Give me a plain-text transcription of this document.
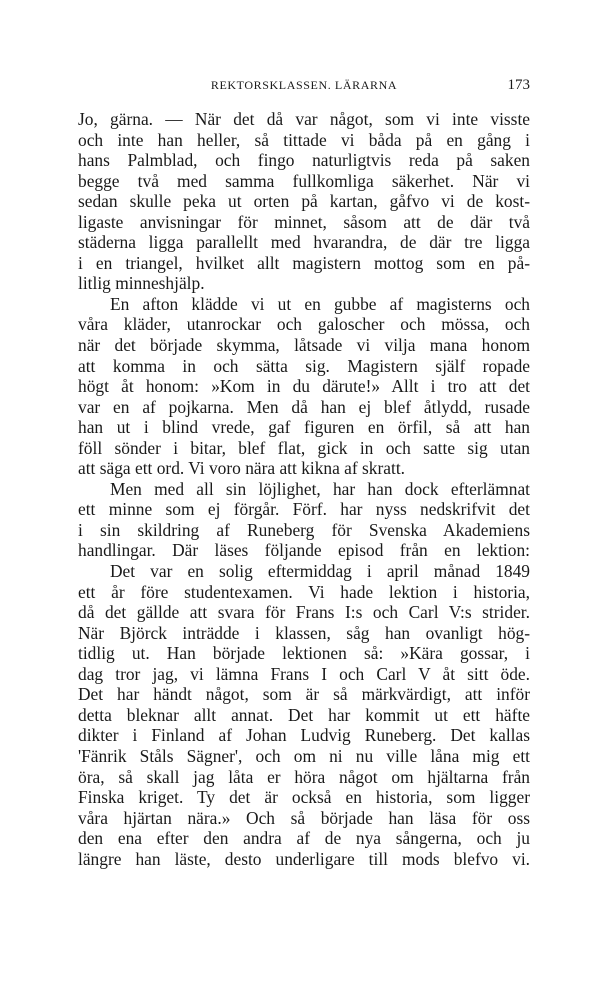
REKTORSKLASSEN. LÄRARNA	173
Jo, gärna. — När det då var något, som vi inte visste
och inte han heller, så tittade vi båda på en gång i
hans Palmblad, och fingo naturligtvis reda på saken
begge två med samma fullkomliga säkerhet. När vi
sedan skulle peka ut orten på kartan, gåfvo vi de kost-
ligaste anvisningar för minnet, såsom att de där två
städerna ligga parallellt med hvarandra, de där tre ligga
i en triangel, hvilket allt magistern mottog som en på-
litlig minneshjälp.
En afton klädde vi ut en gubbe af magisterns och
våra kläder, utanrockar och galoscher och mössa, och
när det började skymma, låtsade vi vilja mana honom
att komma in och sätta sig. Magistern själf ropade
högt åt honom: »Kom in du därute!» Allt i tro att det
var en af pojkarna. Men då han ej blef åtlydd, rusade
han ut i blind vrede, gaf figuren en örfil, så att han
föll sönder i bitar, blef flat, gick in och satte sig utan
att säga ett ord. Vi voro nära att kikna af skratt.
Men med all sin löjlighet, har han dock efterlämnat
ett minne som ej förgår. Förf. har nyss nedskrifvit det
i sin skildring af Runeberg för Svenska Akademiens
handlingar. Där läses följande episod från en lektion:
Det var en solig eftermiddag i april månad 1849
ett år före studentexamen. Vi hade lektion i historia,
då det gällde att svara för Frans I:s och Carl V:s strider.
När Björck inträdde i klassen, såg han ovanligt hög-
tidlig ut. Han började lektionen så: »Kära gossar, i
dag tror jag, vi lämna Frans I och Carl V åt sitt öde.
Det har händt något, som är så märkvärdigt, att inför
detta bleknar allt annat. Det har kommit ut ett häfte
dikter i Finland af Johan Ludvig Runeberg. Det kallas
'Fänrik Ståls Sägner', och om ni nu ville låna mig ett
öra, så skall jag låta er höra något om hjältarna från
Finska kriget. Ty det är också en historia, som ligger
våra hjärtan nära.» Och så började han läsa för oss
den ena efter den andra af de nya sångerna, och ju
längre han läste, desto underligare till mods blefvo vi.
